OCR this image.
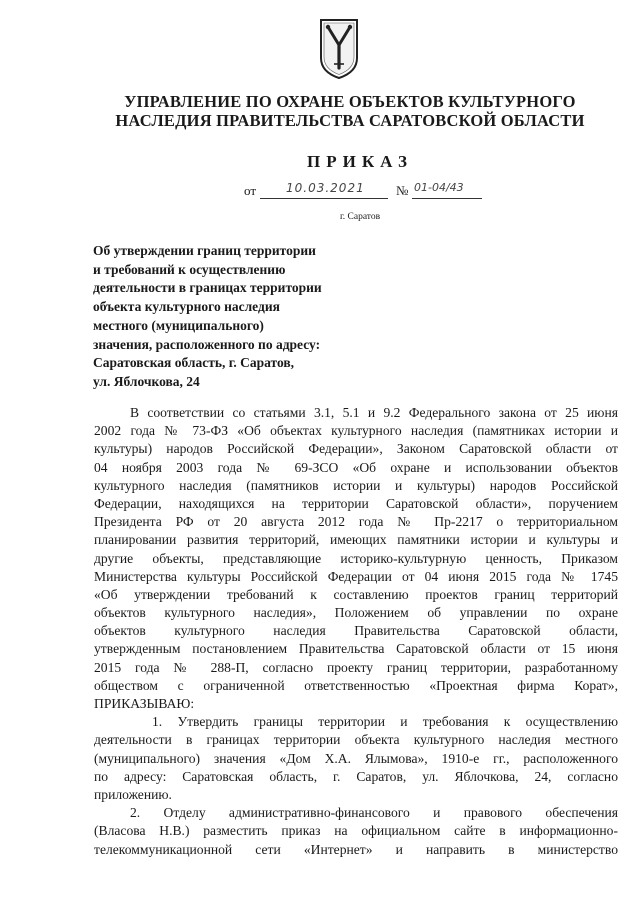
УПРАВЛЕНИЕ ПО ОХРАНЕ ОБЪЕКТОВ КУЛЬТУРНОГО
НАСЛЕДИЯ ПРАВИТЕЛЬСТВА САРАТОВСКОЙ ОБЛАСТИ
ПРИКАЗ
от	10.03.2021	№ 01-04/43
г. Саратов
Об утверждении границ территории
и требований к осуществлению
деятельности в границах территории
объекта культурного наследия
местного (муниципального)
значения, расположенного по адресу:
Саратовская область, г. Саратов,
ул. Яблочкова, 24
В соответствии со статьями 3.1, 5.1 и 9.2 Федерального закона от 25 июня
2002 года № 73-ФЗ «Об объектах культурного наследия (памятниках истории и
культуры) народов Российской Федерации», Законом Саратовской области от
04 ноября 2003 года № 69-ЗСО «Об охране и использовании объектов
культурного наследия (памятников истории и культуры) народов Российской
Федерации, находящихся на территории Саратовской области», поручением
Президента РФ от 20 августа 2012 года № Пр-2217 о территориальном
планировании развития территорий, имеющих памятники истории и культуры и
другие объекты, представляющие историко-культурную ценность, Приказом
Министерства культуры Российской Федерации от 04 июня 2015 года № 1745
«Об утверждении требований к составлению проектов границ территорий
объектов культурного наследия», Положением об управлении по охране
объектов культурного наследия Правительства Саратовской области,
утвержденным постановлением Правительства Саратовской области от 15 июня
2015 года № 288-П, согласно проекту границ территории, разработанному
обществом с ограниченной ответственностью «Проектная фирма Корат»,
ПРИКАЗЫВАЮ:
1. Утвердить границы территории и требования к осуществлению
деятельности в границах территории объекта культурного наследия местного
(муниципального) значения «Дом Х.А. Ялымова», 1910-е гг., расположенного
по адресу: Саратовская область, г. Саратов, ул. Яблочкова, 24, согласно
приложению.
2. Отделу административно-финансового и правового обеспечения
(Власова Н.В.) разместить приказ на официальном сайте в информационно-
телекоммуникационной сети «Интернет» и направить в министерство
